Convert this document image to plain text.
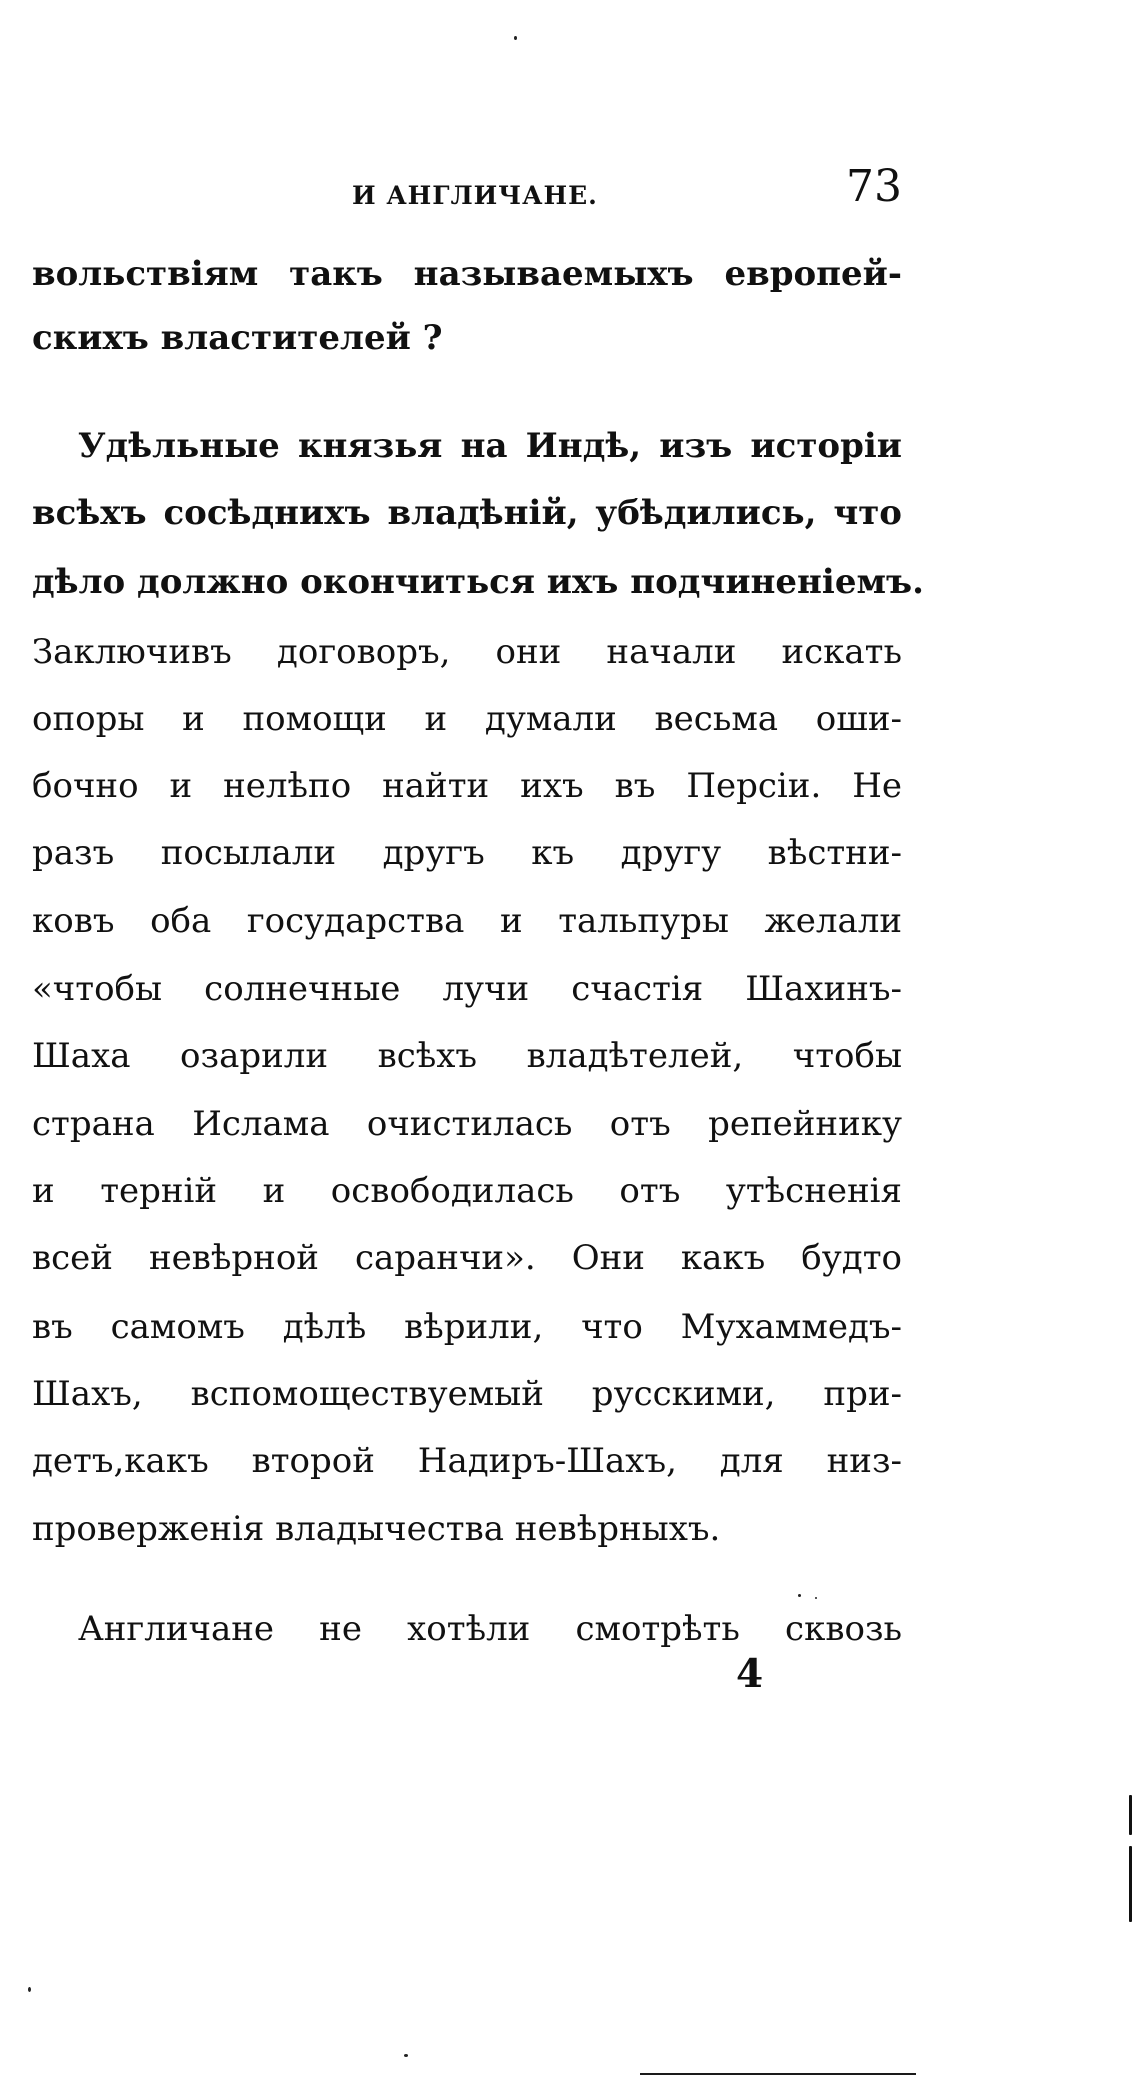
И АНГЛИЧАНЕ.	73
вольствіям такъ называемыхъ европей-
скихъ властителей ?
Удѣльные князья на Индѣ, изъ исторіи
всѣхъ сосѣднихъ владѣній, убѣдились, что
дѣло должно окончиться ихъ подчиненіемъ.
Заключивъ договоръ, они начали искать
опоры и помощи и думали весьма оши-
бочно и нелѣпо найти ихъ въ Персіи. Не
разъ посылали другъ къ другу вѣстни-
ковъ оба государства и тальпуры желали
«чтобы солнечные лучи счастія Шахинъ-
Шаха озарили всѣхъ владѣтелей, чтобы
страна Ислама очистилась отъ репейнику
и терній и освободилась отъ утѣсненія
всей невѣрной саранчи». Они какъ будто
въ самомъ дѣлѣ вѣрили, что Мухаммедъ-
Шахъ, вспомоществуемый русскими, при-
детъ,какъ второй Надиръ-Шахъ, для низ-
проверженія владычества невѣрныхъ.
Англичане не хотѣли смотрѣть сквозь
4
